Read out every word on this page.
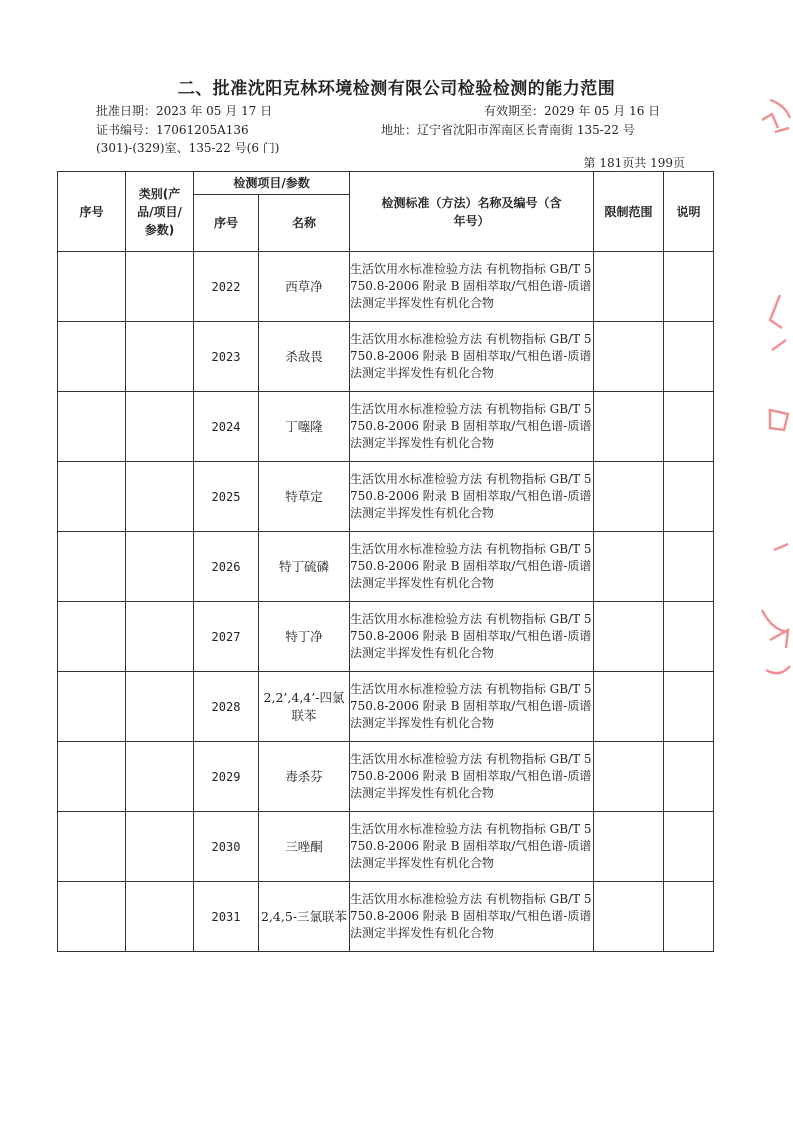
二、批准沈阳克林环境检测有限公司检验检测的能力范围
批准日期：2023 年 05 月 17 日	有效期至：2029 年 05 月 16 日
证书编号：17061205A136	地址：辽宁省沈阳市浑南区长青南街 135-22 号
(301)-(329)室、135-22 号(6 门)
第 181页共 199页
序号	类别(产品/项目/参数)	检测项目/参数		检测标准（方法）名称及编号（含年号）	限制范围	说明
		序号	名称			
		2022	西草净	生活饮用水标准检验方法 有机物指标 GB/T 5750.8-2006 附录 B 固相萃取/气相色谱-质谱法测定半挥发性有机化合物		
		2023	杀敌畏	生活饮用水标准检验方法 有机物指标 GB/T 5750.8-2006 附录 B 固相萃取/气相色谱-质谱法测定半挥发性有机化合物		
		2024	丁噻隆	生活饮用水标准检验方法 有机物指标 GB/T 5750.8-2006 附录 B 固相萃取/气相色谱-质谱法测定半挥发性有机化合物		
		2025	特草定	生活饮用水标准检验方法 有机物指标 GB/T 5750.8-2006 附录 B 固相萃取/气相色谱-质谱法测定半挥发性有机化合物		
		2026	特丁硫磷	生活饮用水标准检验方法 有机物指标 GB/T 5750.8-2006 附录 B 固相萃取/气相色谱-质谱法测定半挥发性有机化合物		
		2027	特丁净	生活饮用水标准检验方法 有机物指标 GB/T 5750.8-2006 附录 B 固相萃取/气相色谱-质谱法测定半挥发性有机化合物		
		2028	2,2’,4,4’-四氯联苯	生活饮用水标准检验方法 有机物指标 GB/T 5750.8-2006 附录 B 固相萃取/气相色谱-质谱法测定半挥发性有机化合物		
		2029	毒杀芬	生活饮用水标准检验方法 有机物指标 GB/T 5750.8-2006 附录 B 固相萃取/气相色谱-质谱法测定半挥发性有机化合物		
		2030	三唑酮	生活饮用水标准检验方法 有机物指标 GB/T 5750.8-2006 附录 B 固相萃取/气相色谱-质谱法测定半挥发性有机化合物		
		2031	2,4,5-三氯联苯	生活饮用水标准检验方法 有机物指标 GB/T 5750.8-2006 附录 B 固相萃取/气相色谱-质谱法测定半挥发性有机化合物		
